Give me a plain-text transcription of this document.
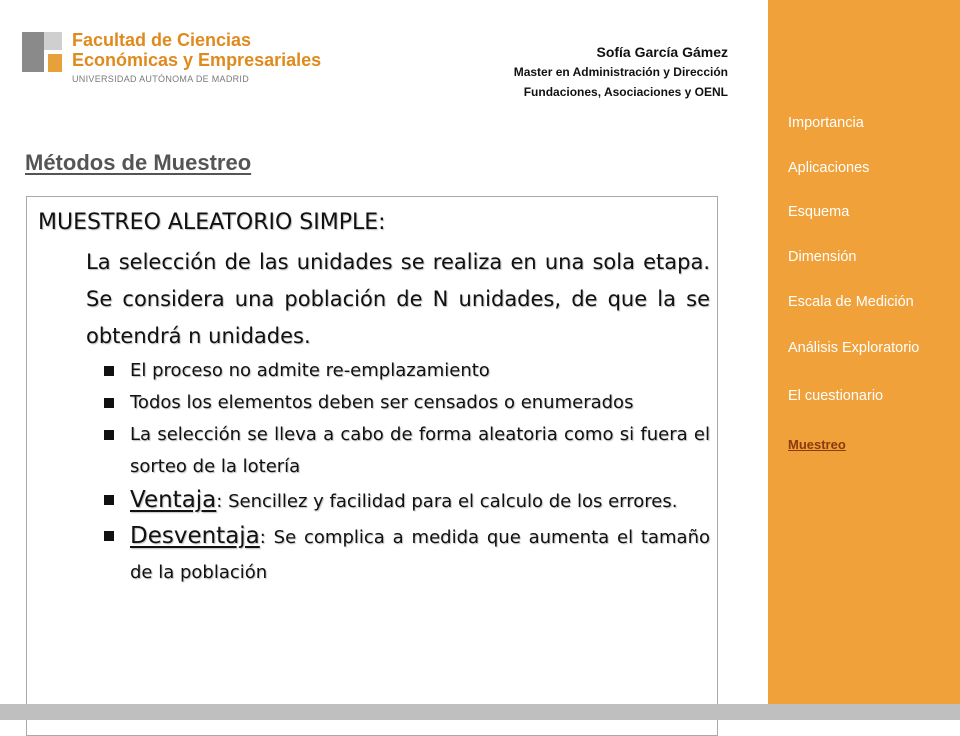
Facultad de Ciencias
Económicas y Empresariales
UNIVERSIDAD AUTÓNOMA DE MADRID
Sofía García Gámez
Master en Administración y Dirección
Fundaciones, Asociaciones y OENL
Métodos de Muestreo

MUESTREO ALEATORIO SIMPLE:

La selección de las unidades se realiza en una sola etapa. Se considera una población de N unidades, de que la se obtendrá n unidades.

El proceso no admite re-emplazamiento
Todos los elementos deben ser censados o enumerados
La selección se lleva a cabo de forma aleatoria como si fuera el sorteo de la lotería
Ventaja: Sencillez y facilidad para el calculo de los errores.
Desventaja: Se complica a medida que aumenta el tamaño de la población
Importancia
Aplicaciones
Esquema
Dimensión
Escala de Medición
Análisis Exploratorio
El cuestionario
Muestreo
